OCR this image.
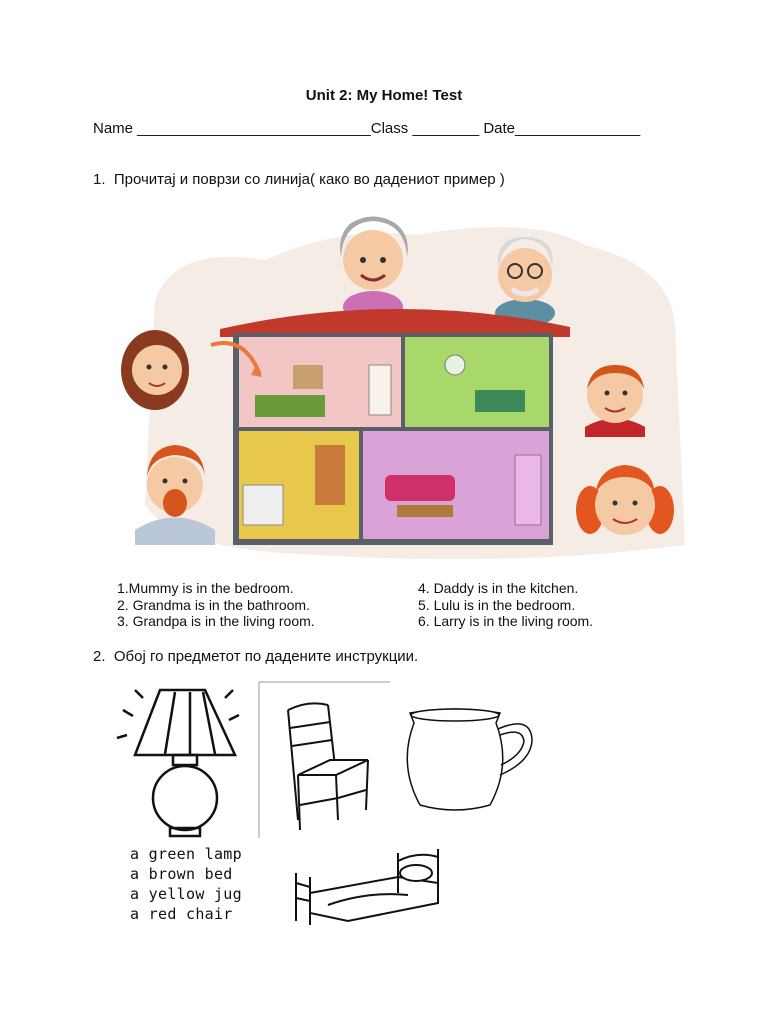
Unit 2: My Home! Test
Name ____________________________Class ________ Date_______________
1.  Прочитај и поврзи со линија( како во дадениот пример )
1.Mummy is in the bedroom.
2. Grandma is in the bathroom.
3. Grandpa is in the living room.
4. Daddy is in the kitchen.
5. Lulu is in the bedroom.
6. Larry is in the living room.
2.  Обој го предметот по дадените инструкции.
a green lamp
a brown bed
a yellow jug
a red chair
